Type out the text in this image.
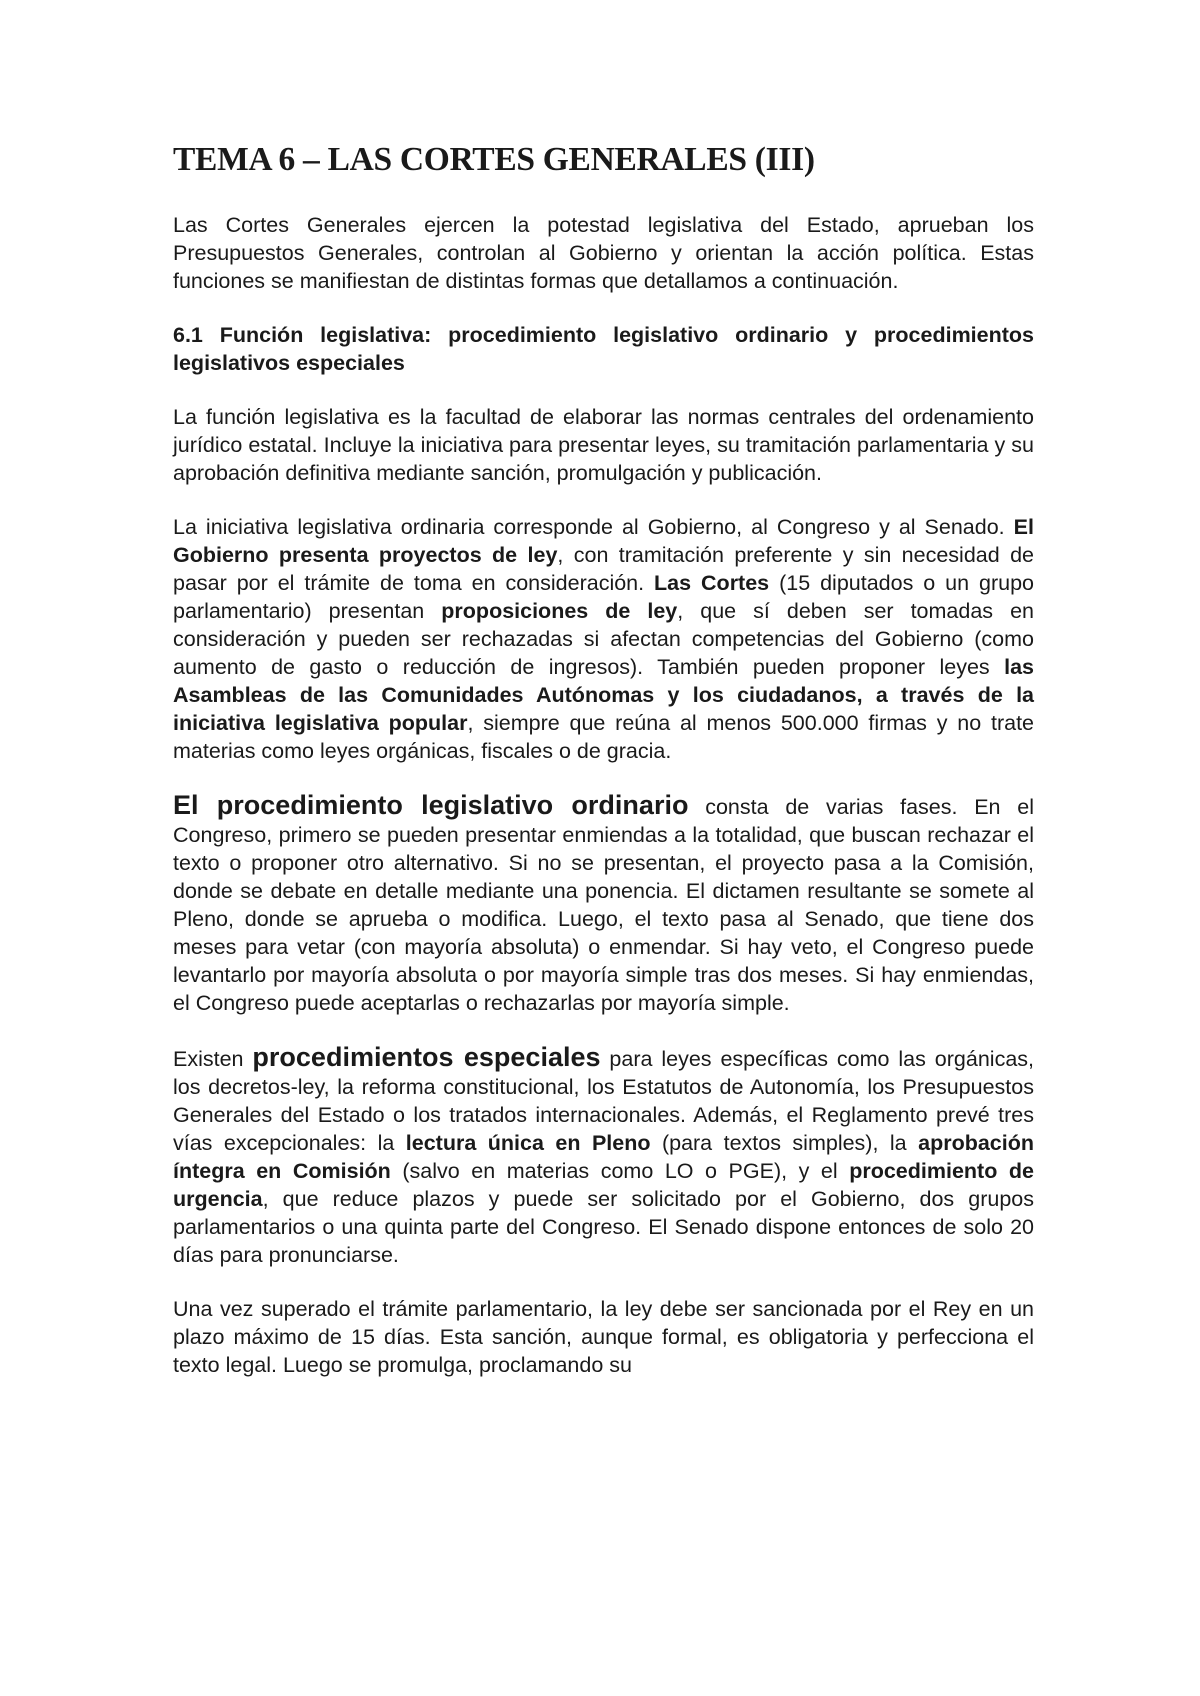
TEMA 6 – LAS CORTES GENERALES (III)

Las Cortes Generales ejercen la potestad legislativa del Estado, aprueban los Presupuestos Generales, controlan al Gobierno y orientan la acción política. Estas funciones se manifiestan de distintas formas que detallamos a continuación.

6.1 Función legislativa: procedimiento legislativo ordinario y procedimientos legislativos especiales

La función legislativa es la facultad de elaborar las normas centrales del ordenamiento jurídico estatal. Incluye la iniciativa para presentar leyes, su tramitación parlamentaria y su aprobación definitiva mediante sanción, promulgación y publicación.

La iniciativa legislativa ordinaria corresponde al Gobierno, al Congreso y al Senado. El Gobierno presenta proyectos de ley, con tramitación preferente y sin necesidad de pasar por el trámite de toma en consideración. Las Cortes (15 diputados o un grupo parlamentario) presentan proposiciones de ley, que sí deben ser tomadas en consideración y pueden ser rechazadas si afectan competencias del Gobierno (como aumento de gasto o reducción de ingresos). También pueden proponer leyes las Asambleas de las Comunidades Autónomas y los ciudadanos, a través de la iniciativa legislativa popular, siempre que reúna al menos 500.000 firmas y no trate materias como leyes orgánicas, fiscales o de gracia.

El procedimiento legislativo ordinario consta de varias fases. En el Congreso, primero se pueden presentar enmiendas a la totalidad, que buscan rechazar el texto o proponer otro alternativo. Si no se presentan, el proyecto pasa a la Comisión, donde se debate en detalle mediante una ponencia. El dictamen resultante se somete al Pleno, donde se aprueba o modifica. Luego, el texto pasa al Senado, que tiene dos meses para vetar (con mayoría absoluta) o enmendar. Si hay veto, el Congreso puede levantarlo por mayoría absoluta o por mayoría simple tras dos meses. Si hay enmiendas, el Congreso puede aceptarlas o rechazarlas por mayoría simple.

Existen procedimientos especiales para leyes específicas como las orgánicas, los decretos-ley, la reforma constitucional, los Estatutos de Autonomía, los Presupuestos Generales del Estado o los tratados internacionales. Además, el Reglamento prevé tres vías excepcionales: la lectura única en Pleno (para textos simples), la aprobación íntegra en Comisión (salvo en materias como LO o PGE), y el procedimiento de urgencia, que reduce plazos y puede ser solicitado por el Gobierno, dos grupos parlamentarios o una quinta parte del Congreso. El Senado dispone entonces de solo 20 días para pronunciarse.

Una vez superado el trámite parlamentario, la ley debe ser sancionada por el Rey en un plazo máximo de 15 días. Esta sanción, aunque formal, es obligatoria y perfecciona el texto legal. Luego se promulga, proclamando su
